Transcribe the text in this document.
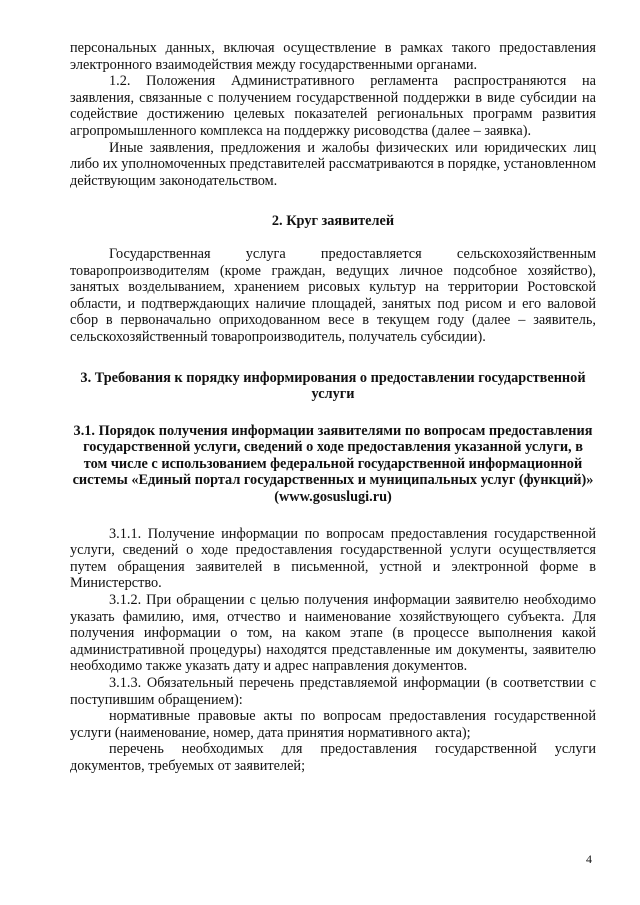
персональных данных, включая осуществление в рамках такого предоставления электронного взаимодействия между государственными органами.

1.2. Положения Административного регламента распространяются на заявления, связанные с получением государственной поддержки в виде субсидии на содействие достижению целевых показателей региональных программ развития агропромышленного комплекса на поддержку рисоводства (далее – заявка).

Иные заявления, предложения и жалобы физических или юридических лиц либо их уполномоченных представителей рассматриваются в порядке, установленном действующим законодательством.

2. Круг заявителей

Государственная услуга предоставляется сельскохозяйственным товаропроизводителям (кроме граждан, ведущих личное подсобное хозяйство), занятых возделыванием, хранением рисовых культур на территории Ростовской области, и подтверждающих наличие площадей, занятых под рисом и его валовой сбор в первоначально оприходованном весе в текущем году (далее – заявитель, сельскохозяйственный товаропроизводитель, получатель субсидии).

3. Требования к порядку информирования о предоставлении государственной услуги

3.1. Порядок получения информации заявителями по вопросам предоставления государственной услуги, сведений о ходе предоставления указанной услуги, в том числе с использованием федеральной государственной информационной системы «Единый портал государственных и муниципальных услуг (функций)» (www.gosuslugi.ru)

3.1.1. Получение информации по вопросам предоставления государственной услуги, сведений о ходе предоставления государственной услуги осуществляется путем обращения заявителей в письменной, устной и электронной форме в Министерство.

3.1.2. При обращении с целью получения информации заявителю необходимо указать фамилию, имя, отчество и наименование хозяйствующего субъекта. Для получения информации о том, на каком этапе (в процессе выполнения какой административной процедуры) находятся представленные им документы, заявителю необходимо также указать дату и адрес направления документов.

3.1.3. Обязательный перечень представляемой информации (в соответствии с поступившим обращением):

нормативные правовые акты по вопросам предоставления государственной услуги (наименование, номер, дата принятия нормативного акта);

перечень необходимых для предоставления государственной услуги документов, требуемых от заявителей;

4
